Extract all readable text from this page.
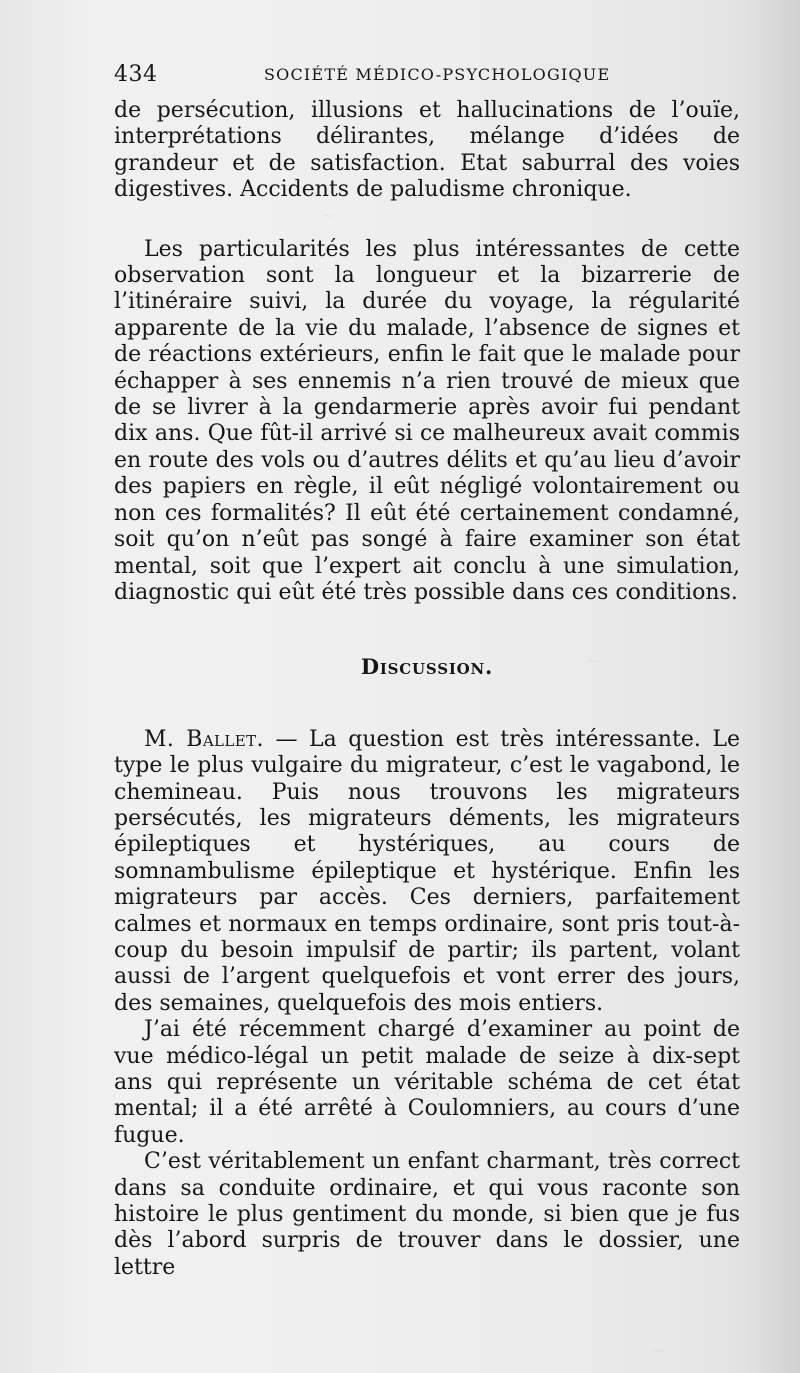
434	SOCIÉTÉ MÉDICO-PSYCHOLOGIQUE

de persécution, illusions et hallucinations de l’ouïe, interprétations délirantes, mélange d’idées de grandeur et de satisfaction. Etat saburral des voies digestives. Accidents de paludisme chronique.

Les particularités les plus intéressantes de cette observation sont la longueur et la bizarrerie de l’itinéraire suivi, la durée du voyage, la régularité apparente de la vie du malade, l’absence de signes et de réactions extérieurs, enfin le fait que le malade pour échapper à ses ennemis n’a rien trouvé de mieux que de se livrer à la gendarmerie après avoir fui pendant dix ans. Que fût-il arrivé si ce malheureux avait commis en route des vols ou d’autres délits et qu’au lieu d’avoir des papiers en règle, il eût négligé volontairement ou non ces formalités? Il eût été certainement condamné, soit qu’on n’eût pas songé à faire examiner son état mental, soit que l’expert ait conclu à une simulation, diagnostic qui eût été très possible dans ces conditions.

Discussion.

M. Ballet. — La question est très intéressante. Le type le plus vulgaire du migrateur, c’est le vagabond, le chemineau. Puis nous trouvons les migrateurs persécutés, les migrateurs déments, les migrateurs épileptiques et hystériques, au cours de somnambulisme épileptique et hystérique. Enfin les migrateurs par accès. Ces derniers, parfaitement calmes et normaux en temps ordinaire, sont pris tout-à-coup du besoin impulsif de partir; ils partent, volant aussi de l’argent quelquefois et vont errer des jours, des semaines, quelquefois des mois entiers.

J’ai été récemment chargé d’examiner au point de vue médico-légal un petit malade de seize à dix-sept ans qui représente un véritable schéma de cet état mental; il a été arrêté à Coulomniers, au cours d’une fugue.

C’est véritablement un enfant charmant, très correct dans sa conduite ordinaire, et qui vous raconte son histoire le plus gentiment du monde, si bien que je fus dès l’abord surpris de trouver dans le dossier, une lettre
